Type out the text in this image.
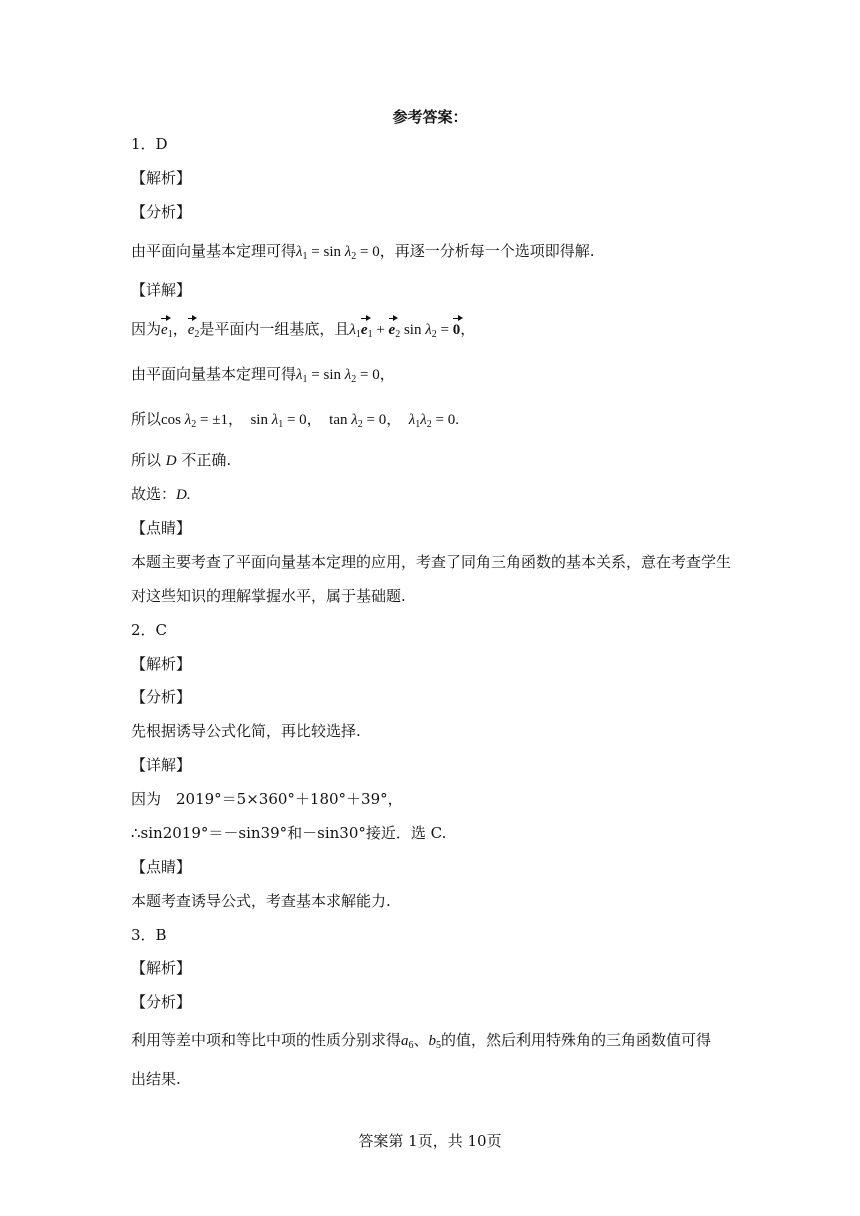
参考答案：
1．D
【解析】
【分析】
由平面向量基本定理可得$\lambda_1 = \sin \lambda_2 = 0$，再逐一分析每一个选项即得解.
【详解】
因为$e_1$，$e_2$是平面内一组基底，且$\lambda_1e_1 + e_2$ $\sin \lambda_2 = 0$，
由平面向量基本定理可得$\lambda_1 = \sin \lambda_2 = 0$，
所以$\cos \lambda_2 = \pm 1$，  $\sin \lambda_1 = 0$，  $\tan \lambda_2 = 0$，  $\lambda_1\lambda_2 = 0$.
所以 D 不正确.
故选：D.
【点睛】
本题主要考查了平面向量基本定理的应用，考查了同角三角函数的基本关系，意在考查学生
对这些知识的理解掌握水平，属于基础题.
2．C
【解析】
【分析】
先根据诱导公式化简，再比较选择.
【详解】
因为　2019°＝5×360°＋180°＋39°，
∴sin2019°＝－sin39°和－sin30°接近．选 C.
【点睛】
本题考查诱导公式，考查基本求解能力.
3．B
【解析】
【分析】
利用等差中项和等比中项的性质分别求得$a_6$、$b_5$的值，然后利用特殊角的三角函数值可得
出结果.
答案第 1页，共 10页
